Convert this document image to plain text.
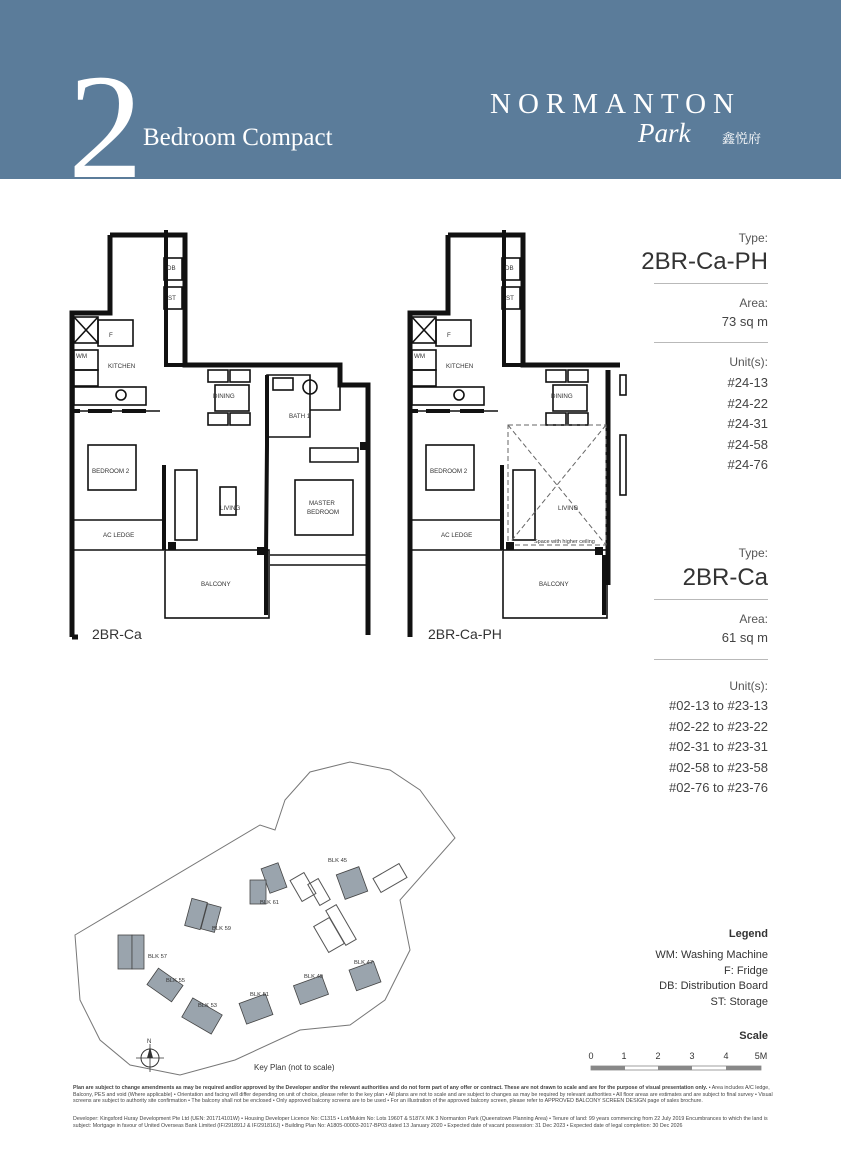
2 Bedroom Compact
NORMANTON
Park 鑫悦府
DB
ST
F
WM
KITCHEN
DINING
BATH 1
BEDROOM 2
LIVING
MASTER
BEDROOM
AC LEDGE
BALCONY
2BR-Ca
DB
ST
F
WM
KITCHEN
DINING
BEDROOM 2
LIVING
AC LEDGE
BALCONY
Space with higher ceiling
2BR-Ca-PH
Type:
2BR-Ca-PH
Area:
73 sq m
Unit(s):
#24-13
#24-22
#24-31
#24-58
#24-76
Type:
2BR-Ca
Area:
61 sq m
Unit(s):
#02-13 to #23-13
#02-22 to #23-22
#02-31 to #23-31
#02-58 to #23-58
#02-76 to #23-76
BLK 45
BLK 61
BLK 59
BLK 57
BLK 55
BLK 53
BLK 51
BLK 49
BLK 47
N
Key Plan (not to scale)
Legend
WM: Washing Machine
F: Fridge
DB: Distribution Board
ST: Storage
Scale
0	1	2	3	4	5M

Plan are subject to change amendments as may be required and/or approved by the Developer and/or the relevant authorities and do not form part of any offer or contract. These are not drawn to scale and are for the purpose of visual presentation only. • Area includes A/C ledge, Balcony, PES and void (Where applicable) • Orientation and facing will differ depending on unit of choice, please refer to the key plan • All plans are not to scale and are subject to changes as may be required by relevant authorities • All floor areas are estimates and are subject to final survey • Visual screens are subject to authority site confirmation • The balcony shall not be enclosed • Only approved balcony screens are to be used • For an illustration of the approved balcony screen, please refer to APPROVED BALCONY SCREEN DESIGN page of sales brochure.

Developer: Kingsford Huray Development Pte Ltd (UEN: 201714101W) • Housing Developer Licence No: C1315 • Lot/Mukim No: Lots 1960T & 5187X MK 3 Normanton Park (Queenstown Planning Area) • Tenure of land: 99 years commencing from 22 July 2019 Encumbrances to which the land is subject: Mortgage in favour of United Overseas Bank Limited (IF/291891J & IF/291816J) • Building Plan No: A1805-00003-2017-BP03 dated 13 January 2020 • Expected date of vacant possession: 31 Dec 2023 • Expected date of legal completion: 30 Dec 2026
